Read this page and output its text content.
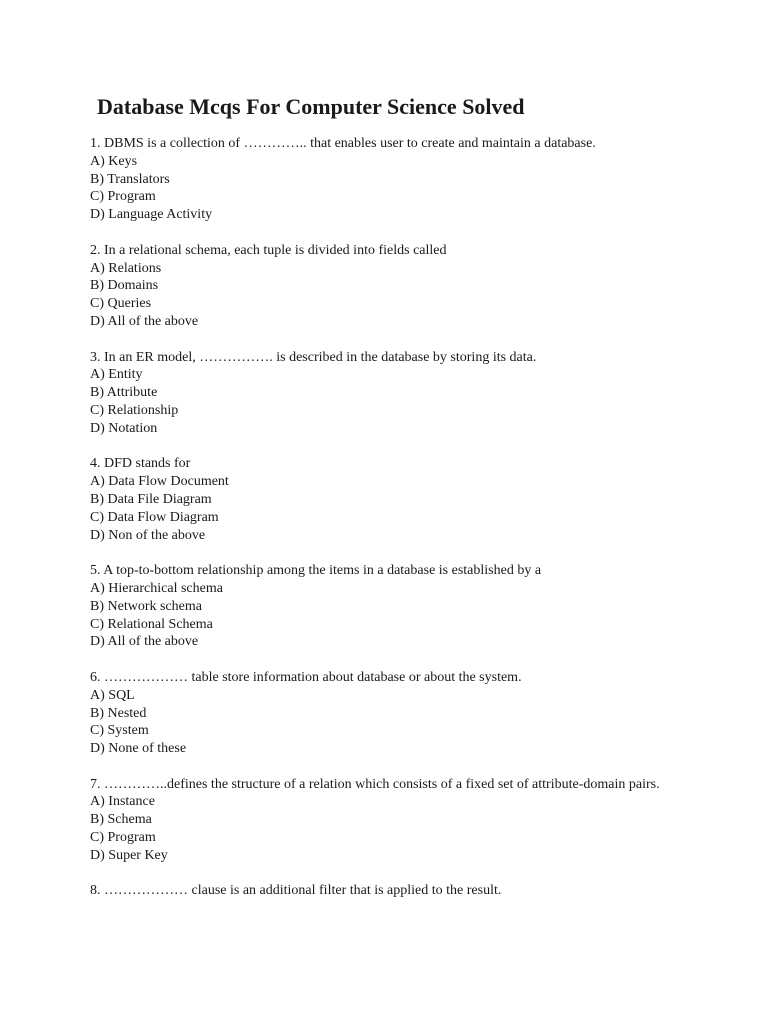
Database Mcqs For Computer Science Solved
1. DBMS is a collection of ………….. that enables user to create and maintain a database.
A) Keys
B) Translators
C) Program
D) Language Activity
2. In a relational schema, each tuple is divided into fields called
A) Relations
B) Domains
C) Queries
D) All of the above
3. In an ER model, ……………. is described in the database by storing its data.
A) Entity
B) Attribute
C) Relationship
D) Notation
4. DFD stands for
A) Data Flow Document
B) Data File Diagram
C) Data Flow Diagram
D) Non of the above
5. A top-to-bottom relationship among the items in a database is established by a
A) Hierarchical schema
B) Network schema
C) Relational Schema
D) All of the above
6. ……………… table store information about database or about the system.
A) SQL
B) Nested
C) System
D) None of these
7. …………..defines the structure of a relation which consists of a fixed set of attribute-domain pairs.
A) Instance
B) Schema
C) Program
D) Super Key
8. ……………… clause is an additional filter that is applied to the result.
